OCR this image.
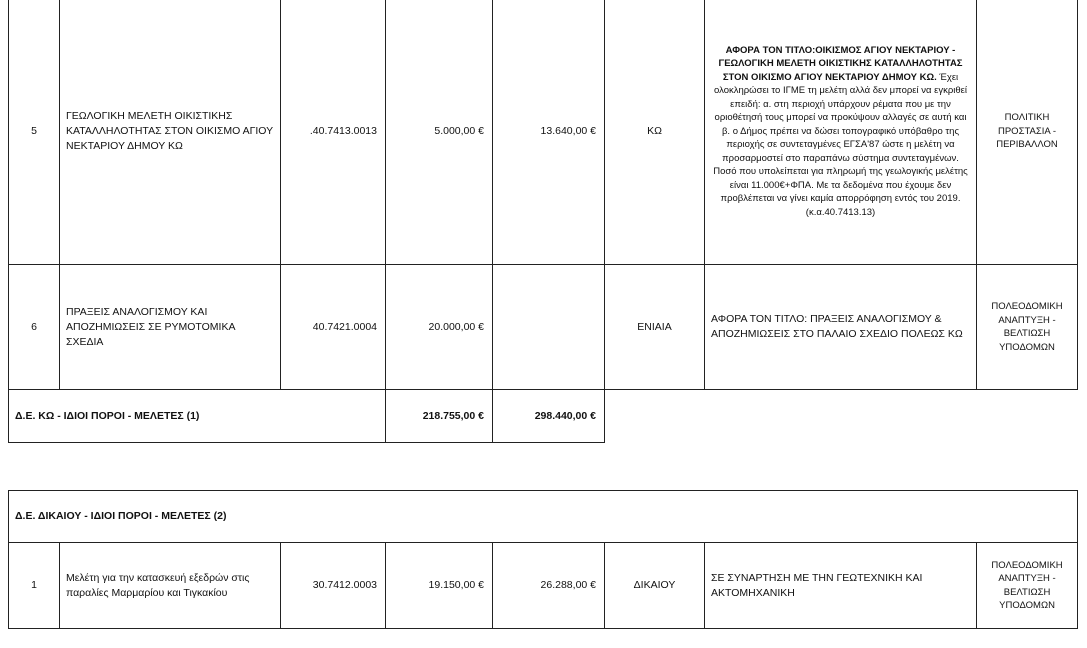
5	ΓΕΩΛΟΓΙΚΗ ΜΕΛΕΤΗ ΟΙΚΙΣΤΙΚΗΣ ΚΑΤΑΛΛΗΛΟΤΗΤΑΣ ΣΤΟΝ ΟΙΚΙΣΜΟ ΑΓΙΟΥ ΝΕΚΤΑΡΙΟΥ ΔΗΜΟΥ ΚΩ	.40.7413.0013	5.000,00 €	13.640,00 €	ΚΩ	ΑΦΟΡΑ ΤΟΝ ΤΙΤΛΟ:ΟΙΚΙΣΜΟΣ ΑΓΙΟΥ ΝΕΚΤΑΡΙΟΥ - ΓΕΩΛΟΓΙΚΗ ΜΕΛΕΤΗ ΟΙΚΙΣΤΙΚΗΣ ΚΑΤΑΛΛΗΛΟΤΗΤΑΣ ΣΤΟΝ ΟΙΚΙΣΜΟ ΑΓΙΟΥ ΝΕΚΤΑΡΙΟΥ ΔΗΜΟΥ ΚΩ. Έχει ολοκληρώσει το ΙΓΜΕ τη μελέτη αλλά δεν μπορεί να εγκριθεί επειδή: α. στη περιοχή υπάρχουν ρέματα που με την οριοθέτησή τους μπορεί να προκύψουν αλλαγές σε αυτή και β. ο Δήμος πρέπει να δώσει τοπογραφικό υπόβαθρο της περιοχής σε συντεταγμένες ΕΓΣΑ'87 ώστε η μελέτη να προσαρμοστεί στο παραπάνω σύστημα συντεταγμένων. Ποσό που υπολείπεται για πληρωμή της γεωλογικής μελέτης είναι 11.000€+ΦΠΑ. Με τα δεδομένα που έχουμε δεν προβλέπεται να γίνει καμία απορρόφηση εντός του 2019. (κ.α.40.7413.13)	ΠΟΛΙΤΙΚΗ ΠΡΟΣΤΑΣΙΑ - ΠΕΡΙΒΑΛΛΟΝ
6	ΠΡΑΞΕΙΣ ΑΝΑΛΟΓΙΣΜΟΥ ΚΑΙ ΑΠΟΖΗΜΙΩΣΕΙΣ ΣΕ ΡΥΜΟΤΟΜΙΚΑ ΣΧΕΔΙΑ	40.7421.0004	20.000,00 €		ΕΝΙΑΙΑ	ΑΦΟΡΑ ΤΟΝ ΤΙΤΛΟ: ΠΡΑΞΕΙΣ ΑΝΑΛΟΓΙΣΜΟΥ & ΑΠΟΖΗΜΙΩΣΕΙΣ ΣΤΟ ΠΑΛΑΙΟ ΣΧΕΔΙΟ ΠΟΛΕΩΣ ΚΩ	ΠΟΛΕΟΔΟΜΙΚΗ ΑΝΑΠΤΥΞΗ - ΒΕΛΤΙΩΣΗ ΥΠΟΔΟΜΩΝ
Δ.Ε. ΚΩ - ΙΔΙΟΙ ΠΟΡΟΙ - ΜΕΛΕΤΕΣ (1)			218.755,00 €	298.440,00 €			
Δ.Ε. ΔΙΚΑΙΟΥ - ΙΔΙΟΙ ΠΟΡΟΙ - ΜΕΛΕΤΕΣ (2)
1	Μελέτη για την κατασκευή εξεδρών στις παραλίες Μαρμαρίου και Τιγκακίου	30.7412.0003	19.150,00 €	26.288,00 €	ΔΙΚΑΙΟΥ	ΣΕ ΣΥΝΑΡΤΗΣΗ ΜΕ ΤΗΝ ΓΕΩΤΕΧΝΙΚΗ ΚΑΙ ΑΚΤΟΜΗΧΑΝΙΚΗ	ΠΟΛΕΟΔΟΜΙΚΗ ΑΝΑΠΤΥΞΗ - ΒΕΛΤΙΩΣΗ ΥΠΟΔΟΜΩΝ
